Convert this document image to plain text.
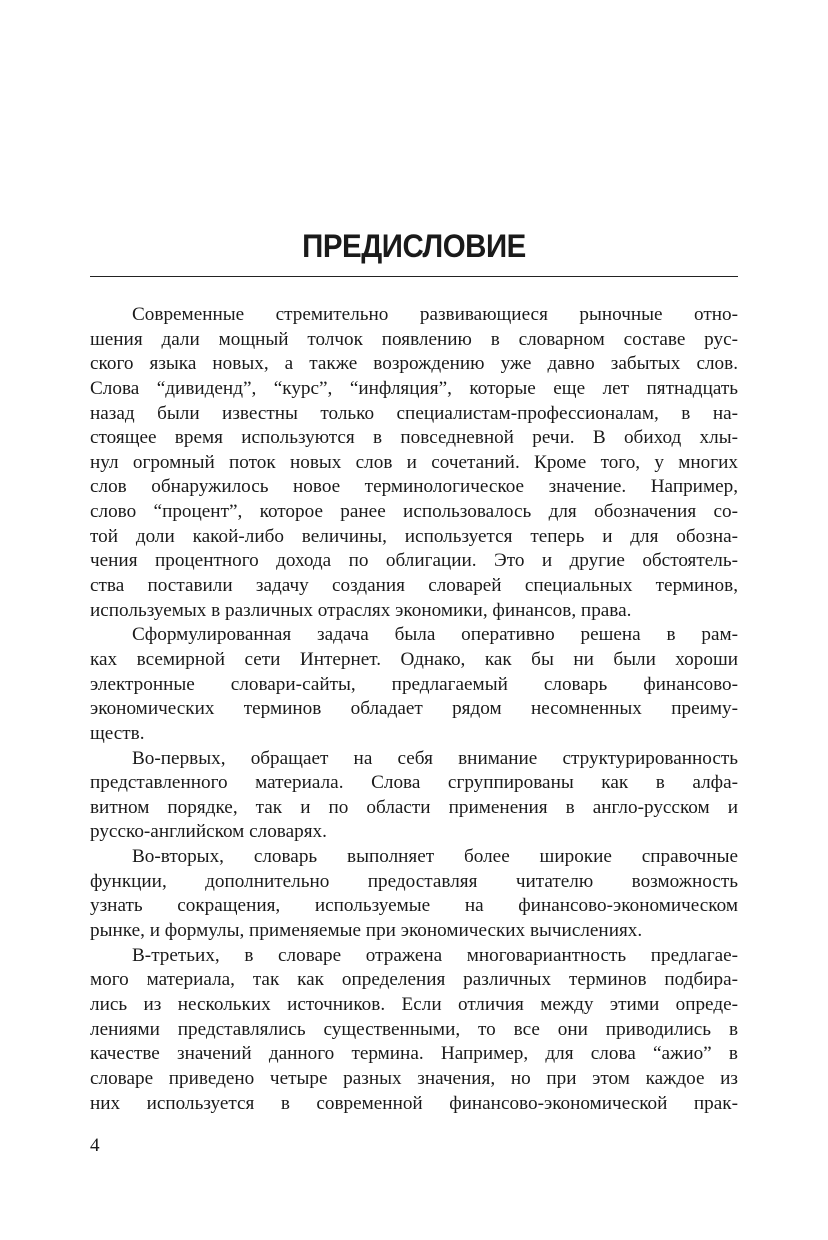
ПРЕДИСЛОВИЕ
Современные стремительно развивающиеся рыночные отно-
шения дали мощный толчок появлению в словарном составе рус-
ского языка новых, а также возрождению уже давно забытых слов.
Слова “дивиденд”, “курс”, “инфляция”, которые еще лет пятнадцать
назад были известны только специалистам-профессионалам, в на-
стоящее время используются в повседневной речи. В обиход хлы-
нул огромный поток новых слов и сочетаний. Кроме того, у многих
слов обнаружилось новое терминологическое значение. Например,
слово “процент”, которое ранее использовалось для обозначения со-
той доли какой-либо величины, используется теперь и для обозна-
чения процентного дохода по облигации. Это и другие обстоятель-
ства поставили задачу создания словарей специальных терминов,
используемых в различных отраслях экономики, финансов, права.
Сформулированная задача была оперативно решена в рам-
ках всемирной сети Интернет. Однако, как бы ни были хороши
электронные словари-сайты, предлагаемый словарь финансово-
экономических терминов обладает рядом несомненных преиму-
ществ.
Во-первых, обращает на себя внимание структурированность
представленного материала. Слова сгруппированы как в алфа-
витном порядке, так и по области применения в англо-русском и
русско-английском словарях.
Во-вторых, словарь выполняет более широкие справочные
функции, дополнительно предоставляя читателю возможность
узнать сокращения, используемые на финансово-экономическом
рынке, и формулы, применяемые при экономических вычислениях.
В-третьих, в словаре отражена многовариантность предлагае-
мого материала, так как определения различных терминов подбира-
лись из нескольких источников. Если отличия между этими опреде-
лениями представлялись существенными, то все они приводились в
качестве значений данного термина. Например, для слова “ажио” в
словаре приведено четыре разных значения, но при этом каждое из
них используется в современной финансово-экономической прак-
4
